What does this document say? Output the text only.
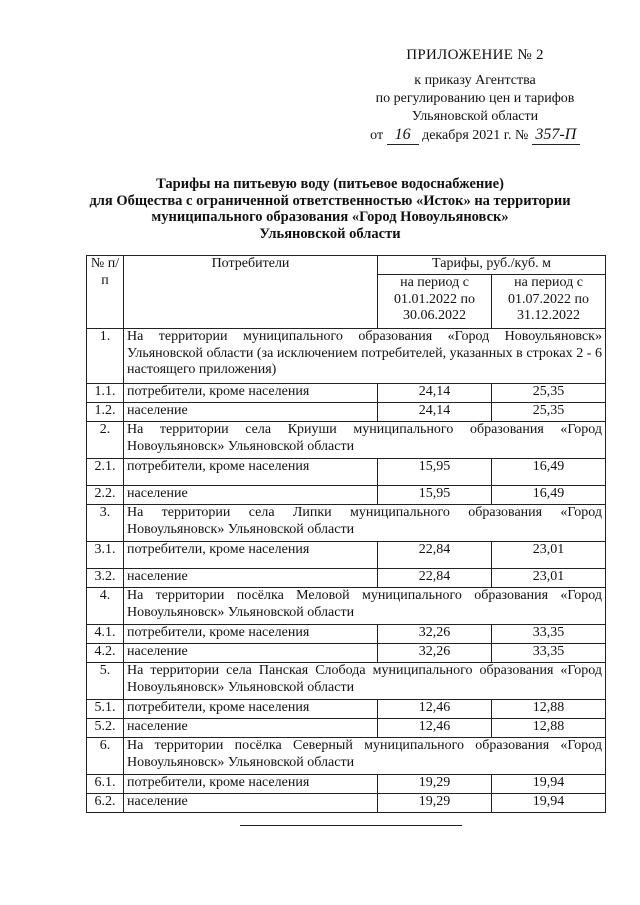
ПРИЛОЖЕНИЕ № 2
к приказу Агентства
по регулированию цен и тарифов
Ульяновской области
от 16 декабря 2021 г. № 357-П
Тарифы на питьевую воду (питьевое водоснабжение)
для Общества с ограниченной ответственностью «Исток» на территории
муниципального образования «Город Новоульяновск»
Ульяновской области
№ п/п	Потребители	Тарифы, руб./куб. м	
		на период с 01.01.2022 по 30.06.2022	на период с 01.07.2022 по 31.12.2022
1.	На территории муниципального образования «Город Новоульяновск» Ульяновской области (за исключением потребителей, указанных в строках 2 - 6 настоящего приложения)		
1.1.	потребители, кроме населения	24,14	25,35
1.2.	население	24,14	25,35
2.	На территории села Криуши муниципального образования «Город Новоульяновск» Ульяновской области		
2.1.	потребители, кроме населения	15,95	16,49
2.2.	население	15,95	16,49
3.	На территории села Липки муниципального образования «Город Новоульяновск» Ульяновской области		
3.1.	потребители, кроме населения	22,84	23,01
3.2.	население	22,84	23,01
4.	На территории посёлка Меловой муниципального образования «Город Новоульяновск» Ульяновской области		
4.1.	потребители, кроме населения	32,26	33,35
4.2.	население	32,26	33,35
5.	На территории села Панская Слобода муниципального образования «Город Новоульяновск» Ульяновской области		
5.1.	потребители, кроме населения	12,46	12,88
5.2.	население	12,46	12,88
6.	На территории посёлка Северный муниципального образования «Город Новоульяновск» Ульяновской области		
6.1.	потребители, кроме населения	19,29	19,94
6.2.	население	19,29	19,94
